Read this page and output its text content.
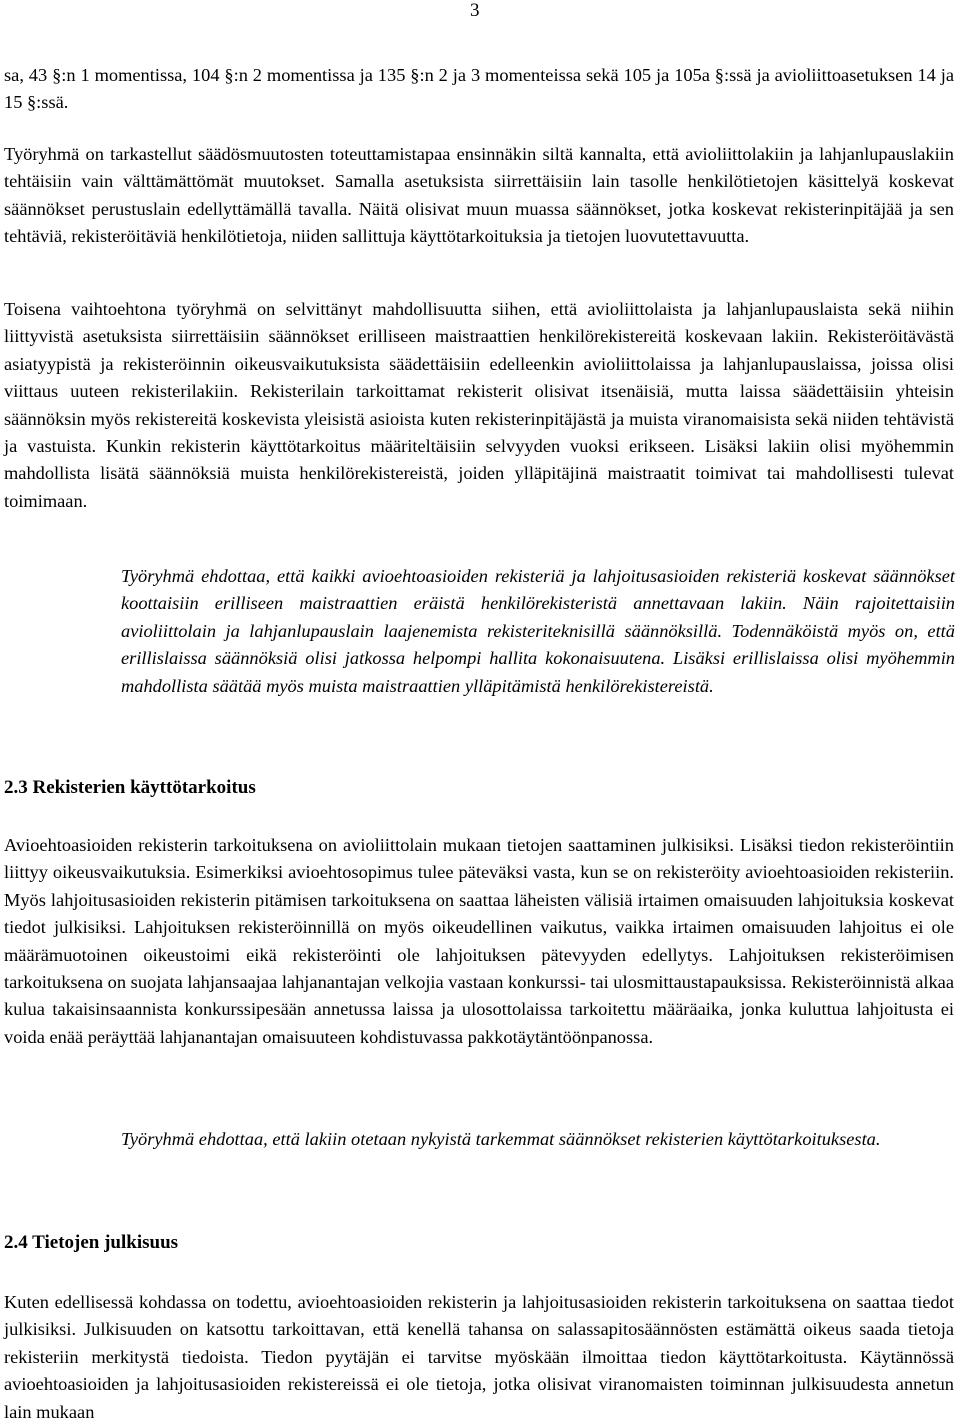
3

sa, 43 §:n 1 momentissa, 104 §:n 2 momentissa ja 135 §:n 2 ja 3 momenteissa sekä 105 ja 105a §:ssä ja avioliittoasetuksen 14 ja 15 §:ssä.

Työryhmä on tarkastellut säädösmuutosten toteuttamistapaa ensinnäkin siltä kannalta, että avioliittolakiin ja lahjanlupauslakiin tehtäisiin vain välttämättömät muutokset. Samalla asetuksista siirrettäisiin lain tasolle henkilötietojen käsittelyä koskevat säännökset perustuslain edellyttämällä tavalla. Näitä olisivat muun muassa säännökset, jotka koskevat rekisterinpitäjää ja sen tehtäviä, rekisteröitäviä henkilötietoja, niiden sallittuja käyttötarkoituksia ja tietojen luovutettavuutta.

Työryhmä ehdottaa, että kaikki avioehtoasioiden rekisteriä ja lahjoitusasioiden rekisteriä koskevat säännökset koottaisiin erilliseen maistraattien eräistä henkilörekisteristä annettavaan lakiin. Näin rajoitettaisiin avioliittolain ja lahjanlupauslain laajenemista rekisteriteknisillä säännöksillä. Todennäköistä myös on, että erillislaissa säännöksiä olisi jatkossa helpompi hallita kokonaisuutena. Lisäksi erillislaissa olisi myöhemmin mahdollista säätää myös muista maistraattien ylläpitämistä henkilörekistereistä.

Toisena vaihtoehtona työryhmä on selvittänyt mahdollisuutta siihen, että avioliittolaista ja lahjanlupauslaista sekä niihin liittyvistä asetuksista siirrettäisiin säännökset erilliseen maistraattien henkilörekistereitä koskevaan lakiin. Rekisteröitävästä asiatyypistä ja rekisteröinnin oikeusvaikutuksista säädettäisiin edelleenkin avioliittolaissa ja lahjanlupauslaissa, joissa olisi viittaus uuteen rekisterilakiin. Rekisterilain tarkoittamat rekisterit olisivat itsenäisiä, mutta laissa säädettäisiin yhteisin säännöksin myös rekistereitä koskevista yleisistä asioista kuten rekisterinpitäjästä ja muista viranomaisista sekä niiden tehtävistä ja vastuista. Kunkin rekisterin käyttötarkoitus määriteltäisiin selvyyden vuoksi erikseen. Lisäksi lakiin olisi myöhemmin mahdollista lisätä säännöksiä muista henkilörekistereistä, joiden ylläpitäjinä maistraatit toimivat tai mahdollisesti tulevat toimimaan.

2.3 Rekisterien käyttötarkoitus

Avioehtoasioiden rekisterin tarkoituksena on avioliittolain mukaan tietojen saattaminen julkisiksi. Lisäksi tiedon rekisteröintiin liittyy oikeusvaikutuksia. Esimerkiksi avioehtosopimus tulee päteväksi vasta, kun se on rekisteröity avioehtoasioiden rekisteriin. Myös lahjoitusasioiden rekisterin pitämisen tarkoituksena on saattaa läheisten välisiä irtaimen omaisuuden lahjoituksia koskevat tiedot julkisiksi. Lahjoituksen rekisteröinnillä on myös oikeudellinen vaikutus, vaikka irtaimen omaisuuden lahjoitus ei ole määrämuotoinen oikeustoimi eikä rekisteröinti ole lahjoituksen pätevyyden edellytys. Lahjoituksen rekisteröimisen tarkoituksena on suojata lahjansaajaa lahjanantajan velkojia vastaan konkurssi- tai ulosmittaustapauksissa. Rekisteröinnistä alkaa kulua takaisinsaannista konkurssipesään annetussa laissa ja ulosottolaissa tarkoitettu määräaika, jonka kuluttua lahjoitusta ei voida enää peräyttää lahjanantajan omaisuuteen kohdistuvassa pakkotäytäntöönpanossa.

Työryhmä ehdottaa, että lakiin otetaan nykyistä tarkemmat säännökset rekisterien käyttötarkoituksesta.

2.4 Tietojen julkisuus

Kuten edellisessä kohdassa on todettu, avioehtoasioiden rekisterin ja lahjoitusasioiden rekisterin tarkoituksena on saattaa tiedot julkisiksi. Julkisuuden on katsottu tarkoittavan, että kenellä tahansa on salassapitosäännösten estämättä oikeus saada tietoja rekisteriin merkitystä tiedoista. Tiedon pyytäjän ei tarvitse myöskään ilmoittaa tiedon käyttötarkoitusta. Käytännössä avioehtoasioiden ja lahjoitusasioiden rekistereissä ei ole tietoja, jotka olisivat viranomaisten toiminnan julkisuudesta annetun lain mukaan
